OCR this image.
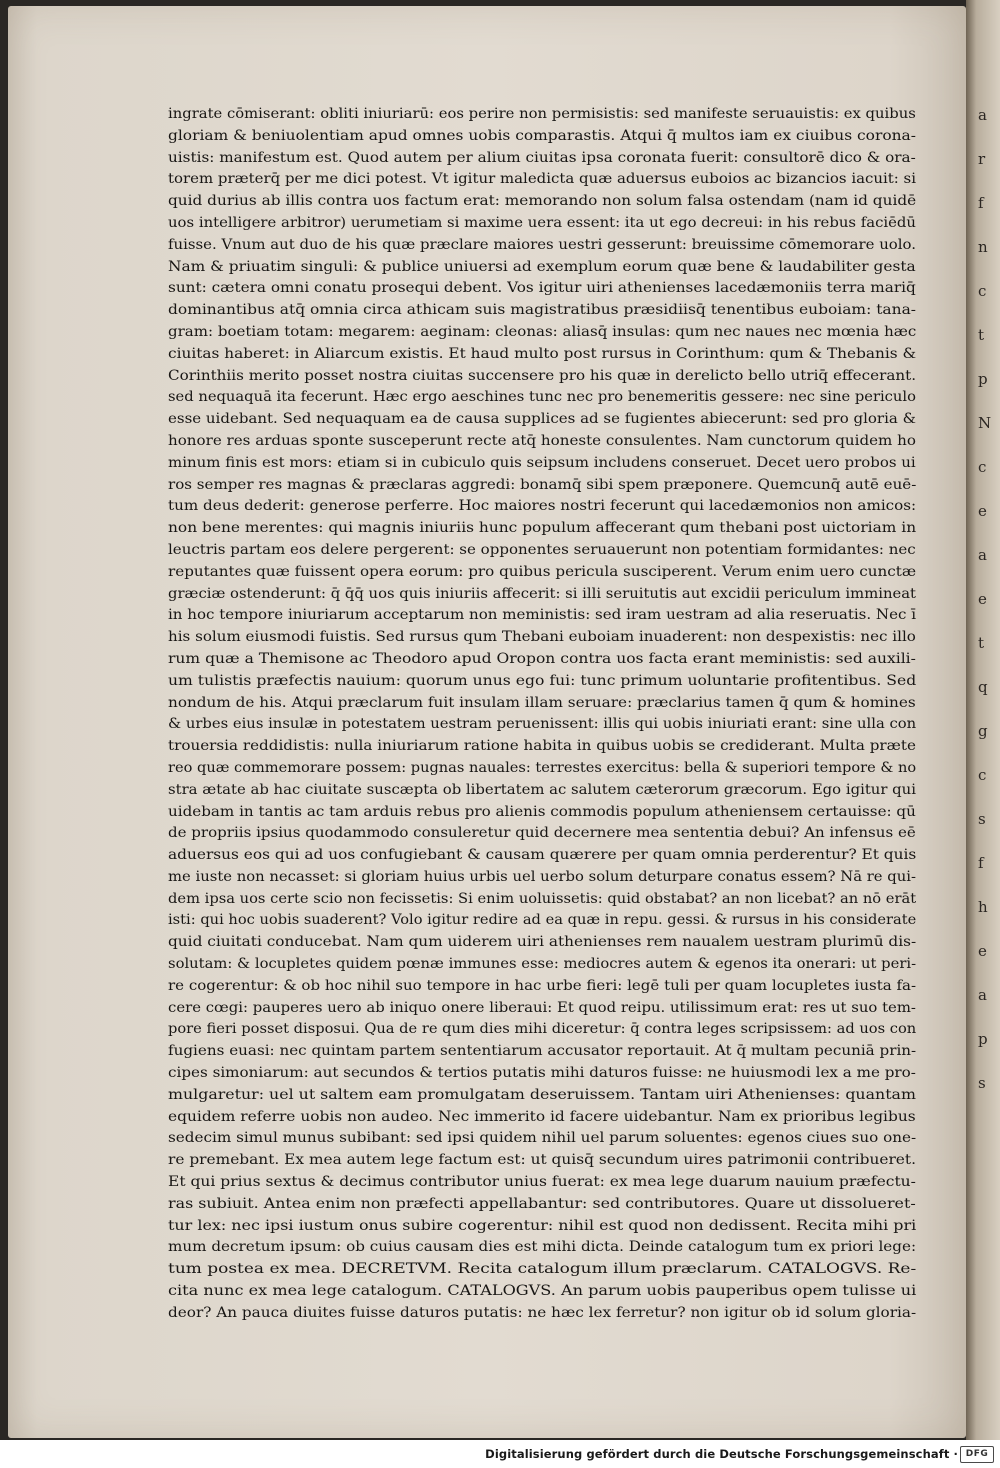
ingrate cōmiserant: obliti iniuriarū: eos perire non permisistis: sed manifeste seruauistis: ex quibus
gloriam & beniuolentiam apud omnes uobis comparastis. Atqui q̄ multos iam ex ciuibus corona-
uistis: manifestum est. Quod autem per alium ciuitas ipsa coronata fuerit: consultorē dico & ora-
torem præterq̄ per me dici potest. Vt igitur maledicta quæ aduersus euboios ac bizancios iacuit: si
quid durius ab illis contra uos factum erat: memorando non solum falsa ostendam (nam id quidē
uos intelligere arbitror) uerumetiam si maxime uera essent: ita ut ego decreui: in his rebus faciēdū
fuisse. Vnum aut duo de his quæ præclare maiores uestri gesserunt: breuissime cōmemorare uolo.
Nam & priuatim singuli: & publice uniuersi ad exemplum eorum quæ bene & laudabiliter gesta
sunt: cætera omni conatu prosequi debent. Vos igitur uiri athenienses lacedæmoniis terra mariq̄
dominantibus atq̄ omnia circa athicam suis magistratibus præsidiisq̄ tenentibus euboiam: tana-
gram: boetiam totam: megarem: aeginam: cleonas: aliasq̄ insulas: qum nec naues nec mœnia hæc
ciuitas haberet: in Aliarcum existis. Et haud multo post rursus in Corinthum: qum & Thebanis &
Corinthiis merito posset nostra ciuitas succensere pro his quæ in derelicto bello utriq̄ effecerant.
sed nequaquā ita fecerunt. Hæc ergo aeschines tunc nec pro benemeritis gessere: nec sine periculo
esse uidebant. Sed nequaquam ea de causa supplices ad se fugientes abiecerunt: sed pro gloria &
honore res arduas sponte susceperunt recte atq̄ honeste consulentes. Nam cunctorum quidem ho
minum finis est mors: etiam si in cubiculo quis seipsum includens conseruet. Decet uero probos ui
ros semper res magnas & præclaras aggredi: bonamq̄ sibi spem præponere. Quemcunq̄ autē euē-
tum deus dederit: generose perferre. Hoc maiores nostri fecerunt qui lacedæmonios non amicos:
non bene merentes: qui magnis iniuriis hunc populum affecerant qum thebani post uictoriam in
leuctris partam eos delere pergerent: se opponentes seruauerunt non potentiam formidantes: nec
reputantes quæ fuissent opera eorum: pro quibus pericula susciperent. Verum enim uero cunctæ
græciæ ostenderunt: q̄ q̄q̄ uos quis iniuriis affecerit: si illi seruitutis aut excidii periculum immineat
in hoc tempore iniuriarum acceptarum non meministis: sed iram uestram ad alia reseruatis. Nec ī
his solum eiusmodi fuistis. Sed rursus qum Thebani euboiam inuaderent: non despexistis: nec illo
rum quæ a Themisone ac Theodoro apud Oropon contra uos facta erant meministis: sed auxili-
um tulistis præfectis nauium: quorum unus ego fui: tunc primum uoluntarie profitentibus. Sed
nondum de his. Atqui præclarum fuit insulam illam seruare: præclarius tamen q̄ qum & homines
& urbes eius insulæ in potestatem uestram peruenissent: illis qui uobis iniuriati erant: sine ulla con
trouersia reddidistis: nulla iniuriarum ratione habita in quibus uobis se crediderant. Multa præte
reo quæ commemorare possem: pugnas nauales: terrestes exercitus: bella & superiori tempore & no
stra ætate ab hac ciuitate suscæpta ob libertatem ac salutem cæterorum græcorum. Ego igitur qui
uidebam in tantis ac tam arduis rebus pro alienis commodis populum atheniensem certauisse: qū
de propriis ipsius quodammodo consuleretur quid decernere mea sententia debui? An infensus eē
aduersus eos qui ad uos confugiebant & causam quærere per quam omnia perderentur? Et quis
me iuste non necasset: si gloriam huius urbis uel uerbo solum deturpare conatus essem? Nā re qui-
dem ipsa uos certe scio non fecissetis: Si enim uoluissetis: quid obstabat? an non licebat? an nō erāt
isti: qui hoc uobis suaderent? Volo igitur redire ad ea quæ in repu. gessi. & rursus in his considerate
quid ciuitati conducebat. Nam qum uiderem uiri athenienses rem naualem uestram plurimū dis-
solutam: & locupletes quidem pœnæ immunes esse: mediocres autem & egenos ita onerari: ut peri-
re cogerentur: & ob hoc nihil suo tempore in hac urbe fieri: legē tuli per quam locupletes iusta fa-
cere cœgi: pauperes uero ab iniquo onere liberaui: Et quod reipu. utilissimum erat: res ut suo tem-
pore fieri posset disposui. Qua de re qum dies mihi diceretur: q̄ contra leges scripsissem: ad uos con
fugiens euasi: nec quintam partem sententiarum accusator reportauit. At q̄ multam pecuniā prin-
cipes simoniarum: aut secundos & tertios putatis mihi daturos fuisse: ne huiusmodi lex a me pro-
mulgaretur: uel ut saltem eam promulgatam deseruissem. Tantam uiri Athenienses: quantam
equidem referre uobis non audeo. Nec immerito id facere uidebantur. Nam ex prioribus legibus
sedecim simul munus subibant: sed ipsi quidem nihil uel parum soluentes: egenos ciues suo one-
re premebant. Ex mea autem lege factum est: ut quisq̄ secundum uires patrimonii contribueret.
Et qui prius sextus & decimus contributor unius fuerat: ex mea lege duarum nauium præfectu-
ras subiuit. Antea enim non præfecti appellabantur: sed contributores. Quare ut dissolueret-
tur lex: nec ipsi iustum onus subire cogerentur: nihil est quod non dedissent. Recita mihi pri
mum decretum ipsum: ob cuius causam dies est mihi dicta. Deinde catalogum tum ex priori lege:
tum postea ex mea. DECRETVM. Recita catalogum illum præclarum. CATALOGVS. Re-
cita nunc ex mea lege catalogum. CATALOGVS. An parum uobis pauperibus opem tulisse ui
deor? An pauca diuites fuisse daturos putatis: ne hæc lex ferretur? non igitur ob id solum gloria-
a
r
f
n
c
t
p
N
c
e
a
e
t
q
g
c
s
f
h
e
a
p
s
Digitalisierung gefördert durch die Deutsche Forschungsgemeinschaft · DFG
